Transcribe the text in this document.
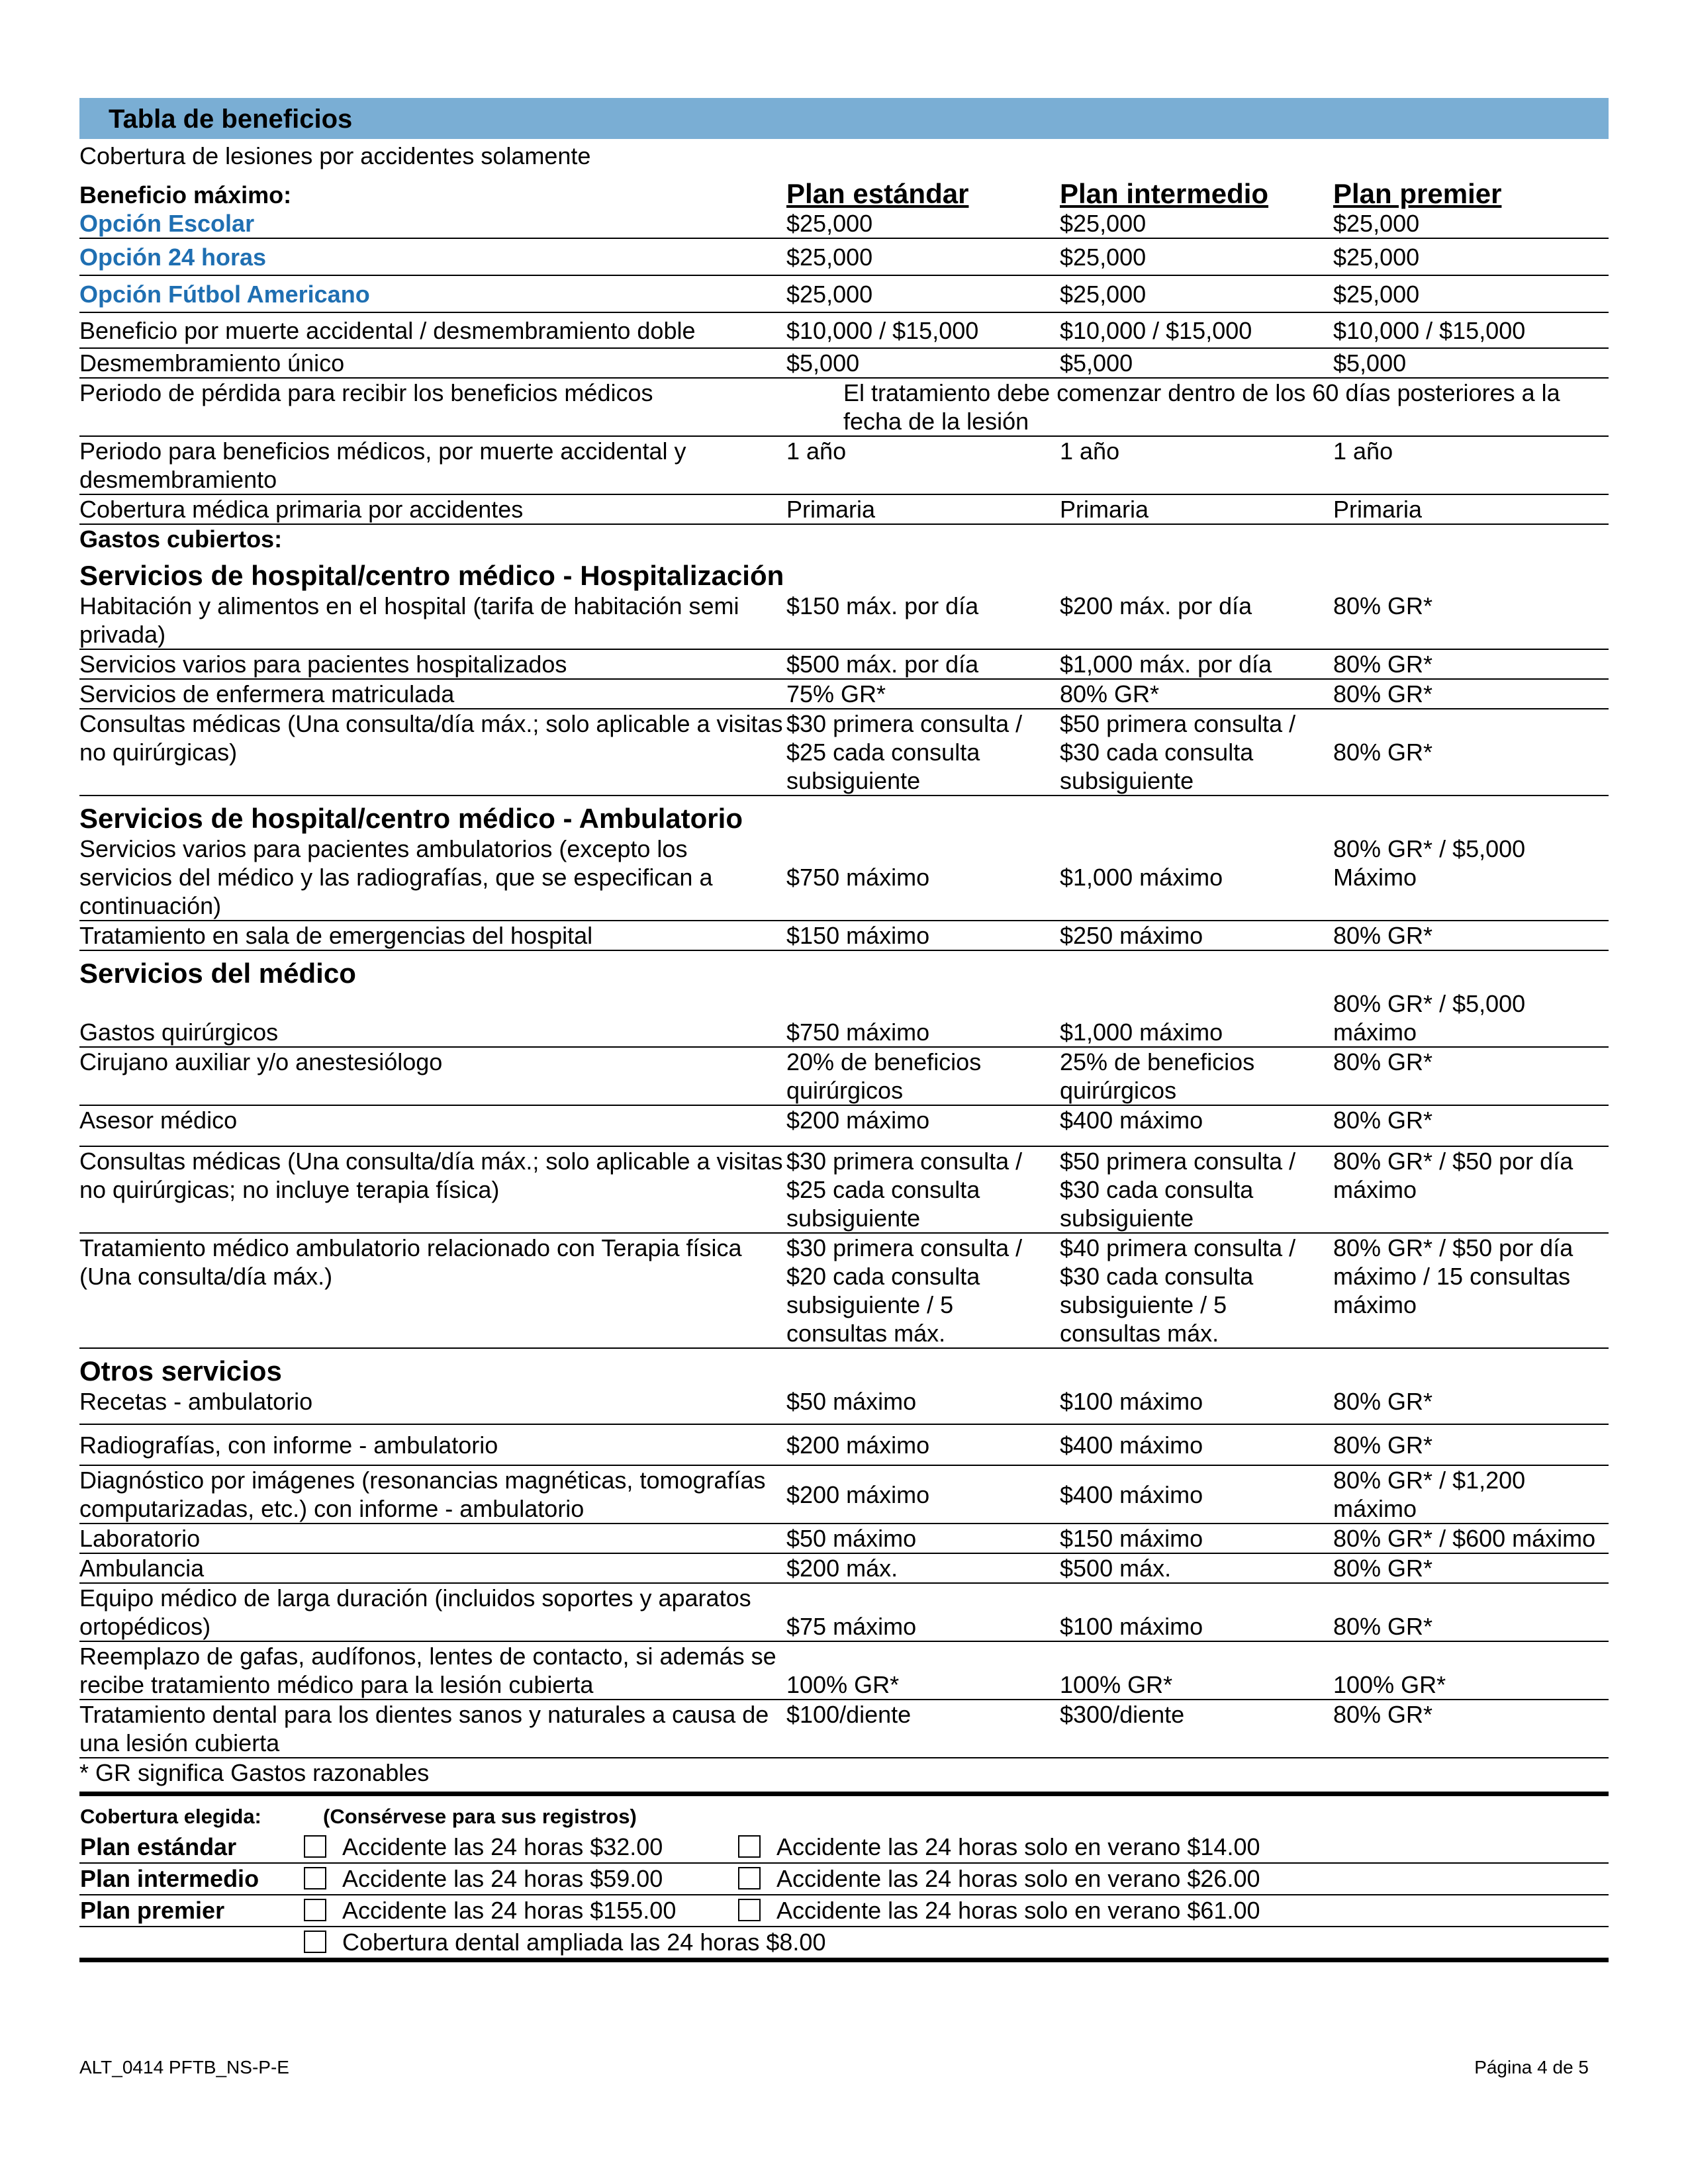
Tabla de beneficios
Cobertura de lesiones por accidentes solamente
Beneficio máximo:	Plan estándar	Plan intermedio	Plan premier
Opción Escolar	$25,000	$25,000	$25,000
Opción 24 horas	$25,000	$25,000	$25,000
Opción Fútbol Americano	$25,000	$25,000	$25,000
Beneficio por muerte accidental / desmembramiento doble	$10,000 / $15,000	$10,000 / $15,000	$10,000 / $15,000
Desmembramiento único	$5,000	$5,000	$5,000
Periodo de pérdida para recibir los beneficios médicos	El tratamiento debe comenzar dentro de los 60 días posteriores a la fecha de la lesión		
Periodo para beneficios médicos, por muerte accidental y desmembramiento	1 año	1 año	1 año
Cobertura médica primaria por accidentes	Primaria	Primaria	Primaria
Gastos cubiertos:			
Servicios de hospital/centro médico - Hospitalización			
Habitación y alimentos en el hospital (tarifa de habitación semi privada)	$150 máx. por día	$200 máx. por día	80% GR*
Servicios varios para pacientes hospitalizados	$500 máx. por día	$1,000 máx. por día	80% GR*
Servicios de enfermera matriculada	75% GR*	80% GR*	80% GR*
Consultas médicas (Una consulta/día máx.; solo aplicable a visitas no quirúrgicas)	$30 primera consulta / $25 cada consulta subsiguiente	$50 primera consulta / $30 cada consulta subsiguiente	80% GR*
Servicios de hospital/centro médico - Ambulatorio			
Servicios varios para pacientes ambulatorios (excepto los servicios del médico y las radiografías, que se especifican a continuación)	$750 máximo	$1,000 máximo	80% GR* / $5,000 Máximo
Tratamiento en sala de emergencias del hospital	$150 máximo	$250 máximo	80% GR*
Servicios del médico			
Gastos quirúrgicos	$750 máximo	$1,000 máximo	80% GR* / $5,000 máximo
Cirujano auxiliar y/o anestesiólogo	20% de beneficios quirúrgicos	25% de beneficios quirúrgicos	80% GR*
Asesor médico	$200 máximo	$400 máximo	80% GR*
Consultas médicas (Una consulta/día máx.; solo aplicable a visitas no quirúrgicas; no incluye terapia física)	$30 primera consulta / $25 cada consulta subsiguiente	$50 primera consulta / $30 cada consulta subsiguiente	80% GR* / $50 por día máximo
Tratamiento médico ambulatorio relacionado con Terapia física (Una consulta/día máx.)	$30 primera consulta / $20 cada consulta subsiguiente / 5 consultas máx.	$40 primera consulta / $30 cada consulta subsiguiente / 5 consultas máx.	80% GR* / $50 por día máximo / 15 consultas máximo
Otros servicios			
Recetas - ambulatorio	$50 máximo	$100 máximo	80% GR*
Radiografías, con informe - ambulatorio	$200 máximo	$400 máximo	80% GR*
Diagnóstico por imágenes (resonancias magnéticas, tomografías computarizadas, etc.) con informe - ambulatorio	$200 máximo	$400 máximo	80% GR* / $1,200 máximo
Laboratorio	$50 máximo	$150 máximo	80% GR* / $600 máximo
Ambulancia	$200 máx.	$500 máx.	80% GR*
Equipo médico de larga duración (incluidos soportes y aparatos ortopédicos)	$75 máximo	$100 máximo	80% GR*
Reemplazo de gafas, audífonos, lentes de contacto, si además se recibe tratamiento médico para la lesión cubierta	100% GR*	100% GR*	100% GR*
Tratamiento dental para los dientes sanos y naturales a causa de una lesión cubierta	$100/diente	$300/diente	80% GR*
* GR significa Gastos razonables
Cobertura elegida:	(Consérvese para sus registros)	
Plan estándar	Accidente las 24 horas $32.00	Accidente las 24 horas solo en verano $14.00
Plan intermedio	Accidente las 24 horas $59.00	Accidente las 24 horas solo en verano $26.00
Plan premier	Accidente las 24 horas $155.00	Accidente las 24 horas solo en verano $61.00
	Cobertura dental ampliada las 24 horas $8.00	
ALT_0414 PFTB_NS-P-E	Página 4 de 5
